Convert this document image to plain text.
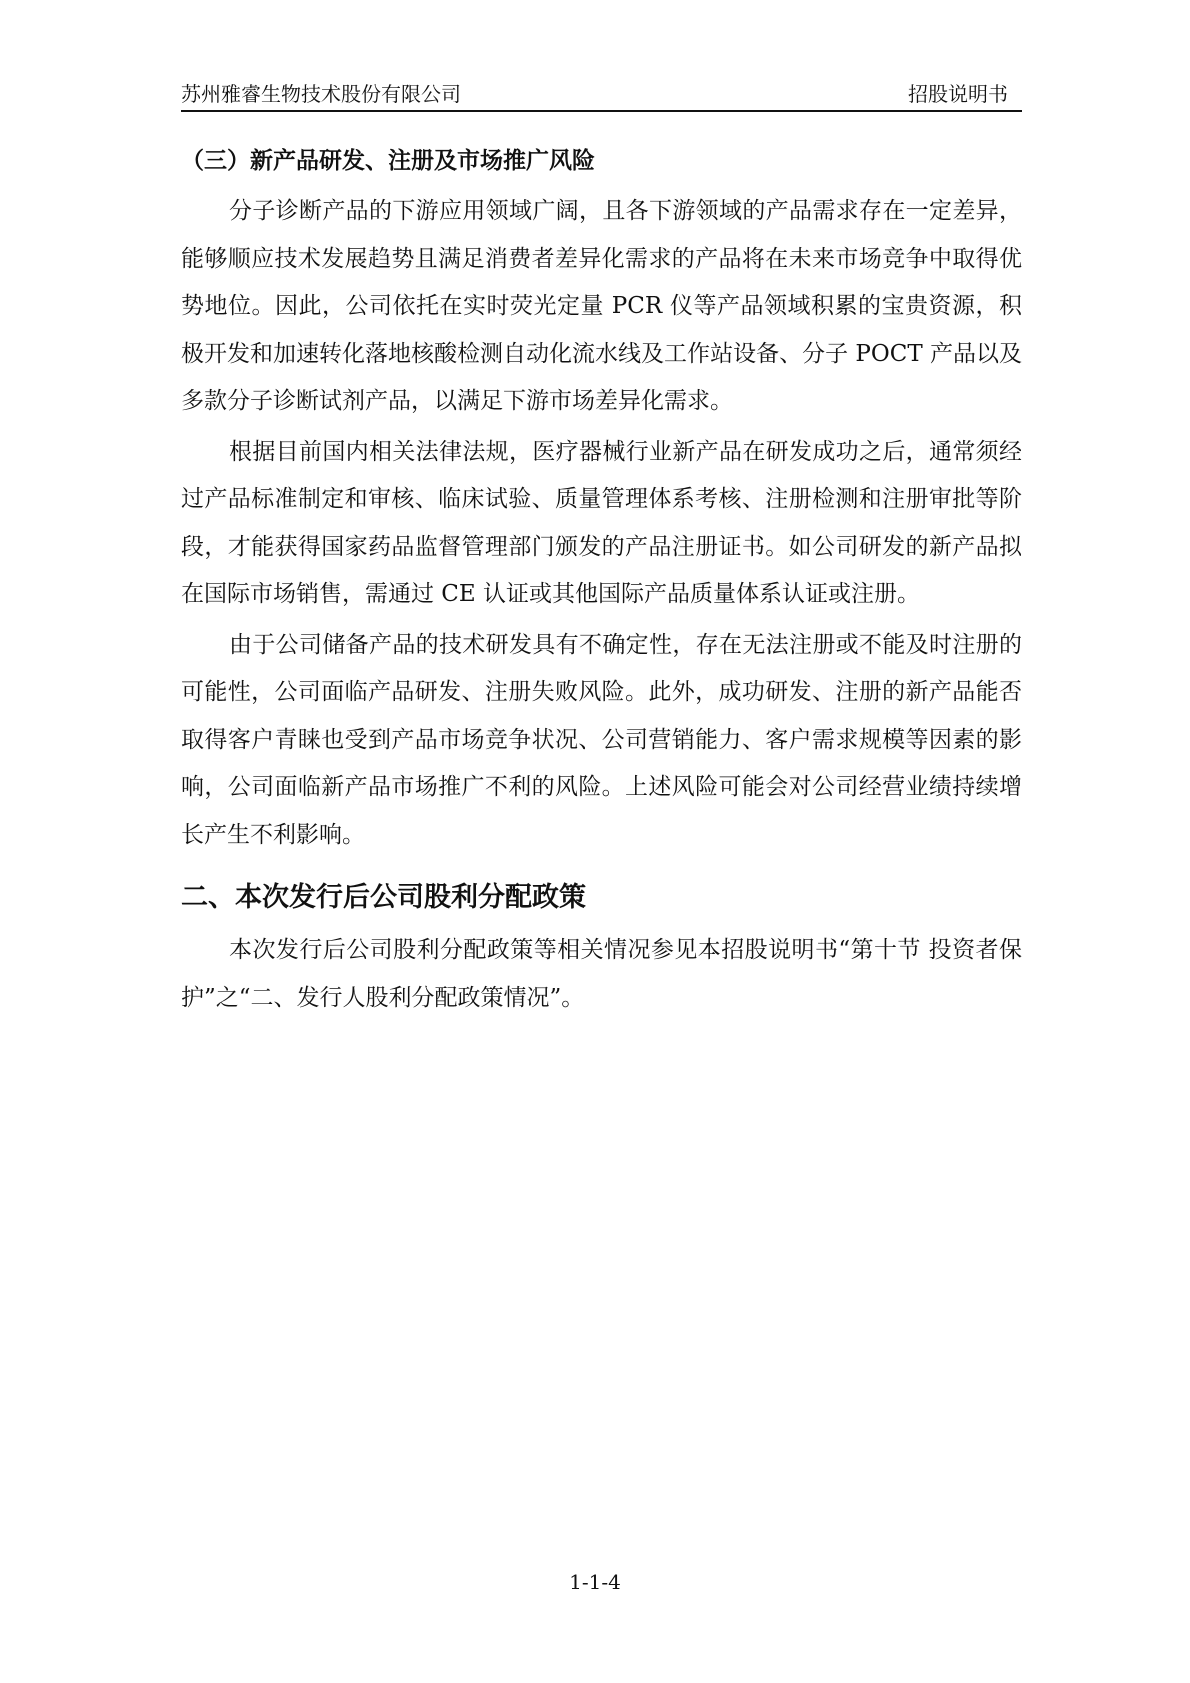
苏州雅睿生物技术股份有限公司	招股说明书
（三）新产品研发、注册及市场推广风险

分子诊断产品的下游应用领域广阔，且各下游领域的产品需求存在一定差异，能够顺应技术发展趋势且满足消费者差异化需求的产品将在未来市场竞争中取得优势地位。因此，公司依托在实时荧光定量 PCR 仪等产品领域积累的宝贵资源，积极开发和加速转化落地核酸检测自动化流水线及工作站设备、分子 POCT 产品以及多款分子诊断试剂产品，以满足下游市场差异化需求。

根据目前国内相关法律法规，医疗器械行业新产品在研发成功之后，通常须经过产品标准制定和审核、临床试验、质量管理体系考核、注册检测和注册审批等阶段，才能获得国家药品监督管理部门颁发的产品注册证书。如公司研发的新产品拟在国际市场销售，需通过 CE 认证或其他国际产品质量体系认证或注册。

由于公司储备产品的技术研发具有不确定性，存在无法注册或不能及时注册的可能性，公司面临产品研发、注册失败风险。此外，成功研发、注册的新产品能否取得客户青睐也受到产品市场竞争状况、公司营销能力、客户需求规模等因素的影响，公司面临新产品市场推广不利的风险。上述风险可能会对公司经营业绩持续增长产生不利影响。

二、本次发行后公司股利分配政策

本次发行后公司股利分配政策等相关情况参见本招股说明书“第十节 投资者保护”之“二、发行人股利分配政策情况”。

1-1-4
